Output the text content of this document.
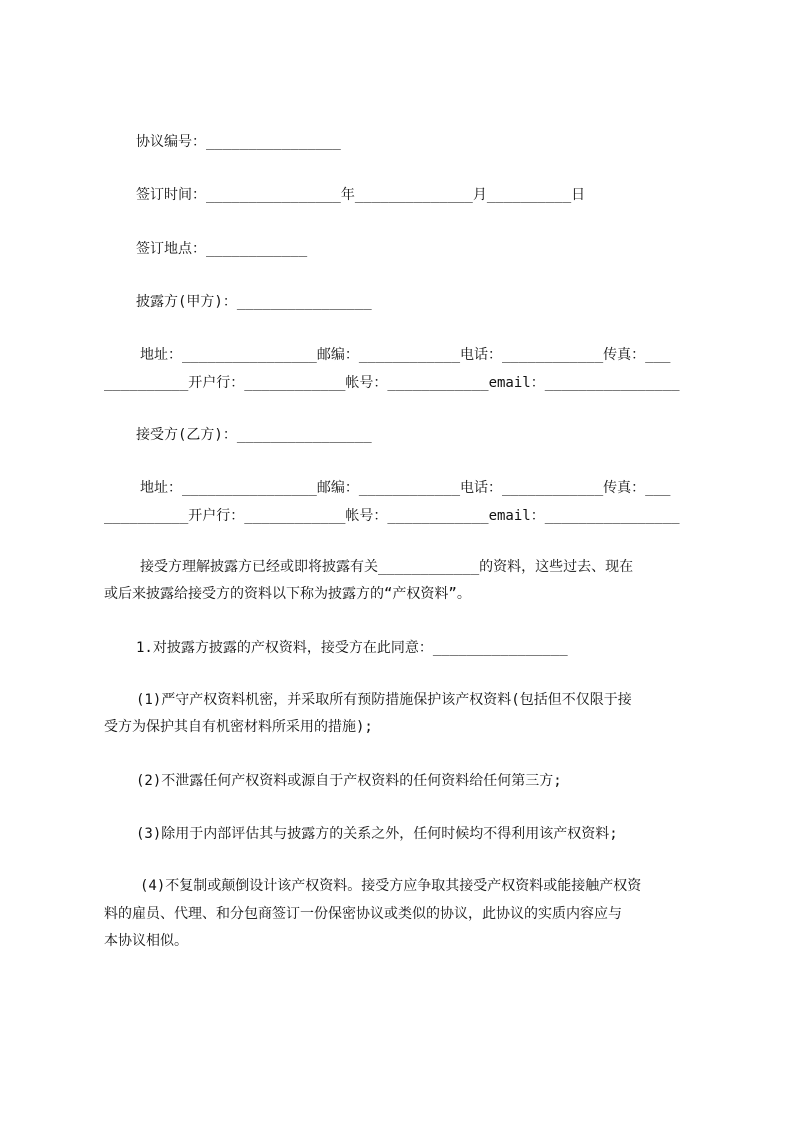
协议编号：________________

签订时间：________________年______________月__________日

签订地点：____________

披露方(甲方)：________________

地址：________________邮编：____________电话：____________传真：___

__________开户行：____________帐号：____________email：________________

接受方(乙方)：________________

地址：________________邮编：____________电话：____________传真：___

__________开户行：____________帐号：____________email：________________

接受方理解披露方已经或即将披露有关____________的资料，这些过去、现在

或后来披露给接受方的资料以下称为披露方的“产权资料”。

1.对披露方披露的产权资料，接受方在此同意：________________

(1)严守产权资料机密，并采取所有预防措施保护该产权资料(包括但不仅限于接

受方为保护其自有机密材料所采用的措施);

(2)不泄露任何产权资料或源自于产权资料的任何资料给任何第三方;

(3)除用于内部评估其与披露方的关系之外，任何时候均不得利用该产权资料;

(4)不复制或颠倒设计该产权资料。接受方应争取其接受产权资料或能接触产权资

料的雇员、代理、和分包商签订一份保密协议或类似的协议，此协议的实质内容应与

本协议相似。
